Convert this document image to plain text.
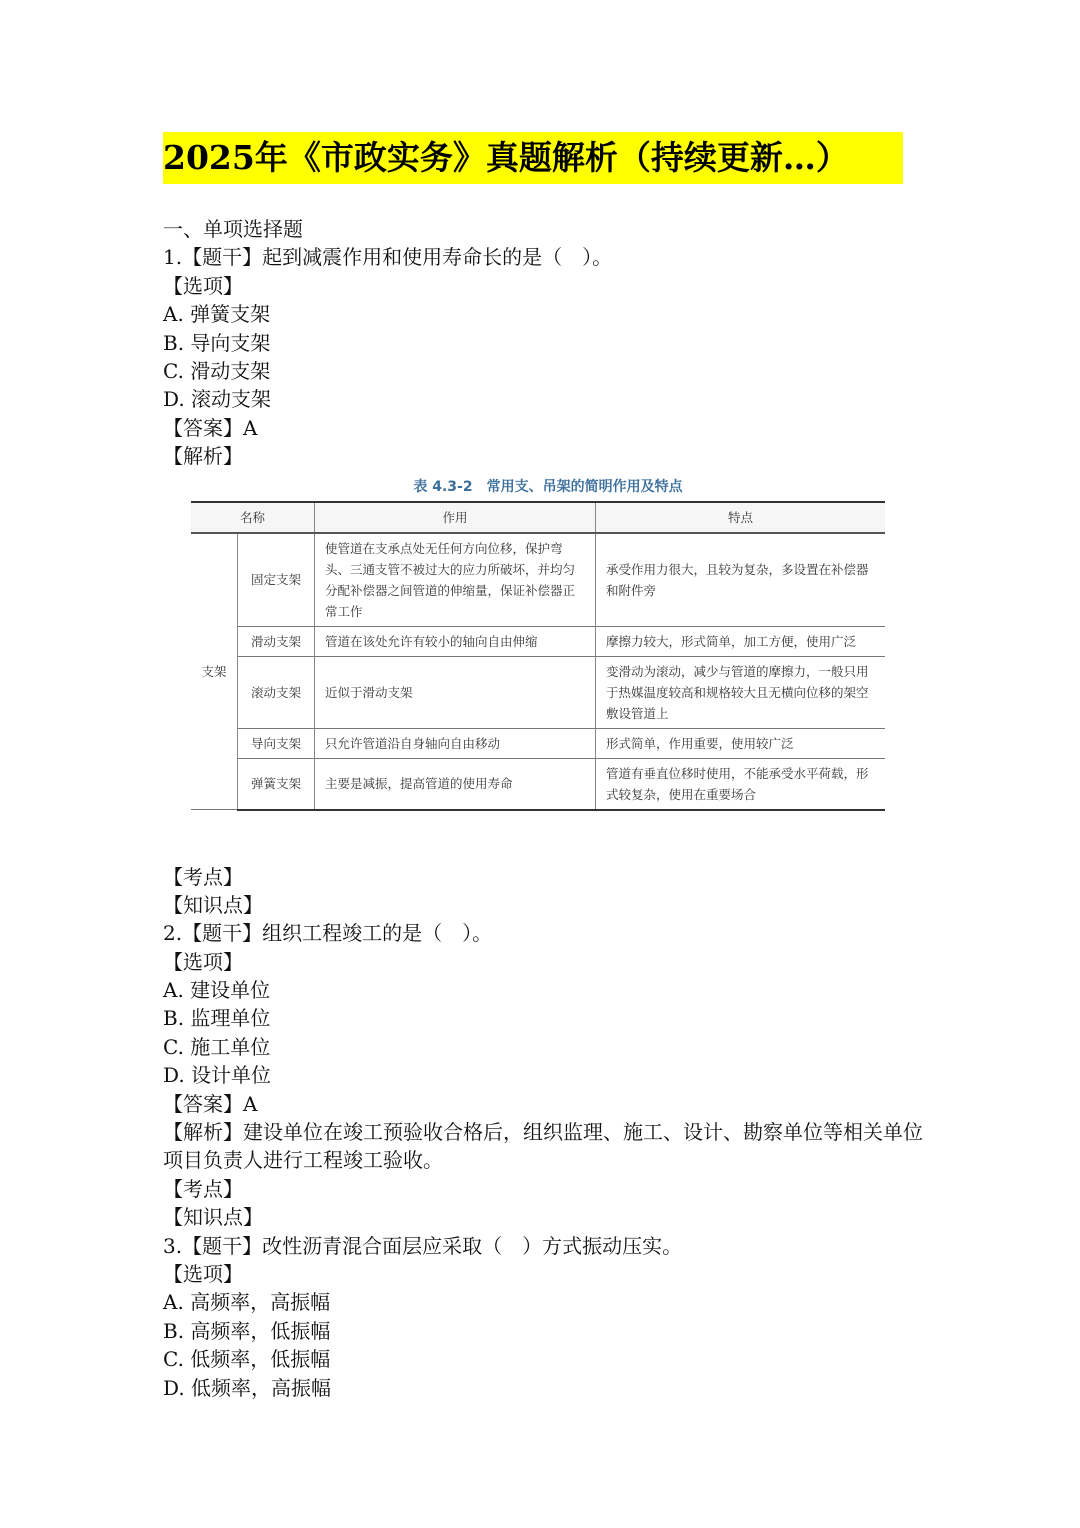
2025年《市政实务》真题解析（持续更新…）
一、单项选择题
1.【题干】起到减震作用和使用寿命长的是（　）。
【选项】
A. 弹簧支架
B. 导向支架
C. 滑动支架
D. 滚动支架
【答案】A
【解析】
表 4.3-2　常用支、吊架的简明作用及特点
名称		作用	特点
支架	固定支架	使管道在支承点处无任何方向位移，保护弯头、三通支管不被过大的应力所破坏，并均匀分配补偿器之间管道的伸缩量，保证补偿器正常工作	承受作用力很大，且较为复杂，多设置在补偿器和附件旁
	滑动支架	管道在该处允许有较小的轴向自由伸缩	摩擦力较大，形式简单，加工方便，使用广泛
	滚动支架	近似于滑动支架	变滑动为滚动，减少与管道的摩擦力，一般只用于热媒温度较高和规格较大且无横向位移的架空敷设管道上
	导向支架	只允许管道沿自身轴向自由移动	形式简单，作用重要，使用较广泛
	弹簧支架	主要是减振，提高管道的使用寿命	管道有垂直位移时使用，不能承受水平荷载，形式较复杂，使用在重要场合
【考点】
【知识点】
2.【题干】组织工程竣工的是（　）。
【选项】
A. 建设单位
B. 监理单位
C. 施工单位
D. 设计单位
【答案】A
【解析】建设单位在竣工预验收合格后，组织监理、施工、设计、勘察单位等相关单位项目负责人进行工程竣工验收。
【考点】
【知识点】
3.【题干】改性沥青混合面层应采取（　）方式振动压实。
【选项】
A. 高频率，高振幅
B. 高频率，低振幅
C. 低频率，低振幅
D. 低频率，高振幅
